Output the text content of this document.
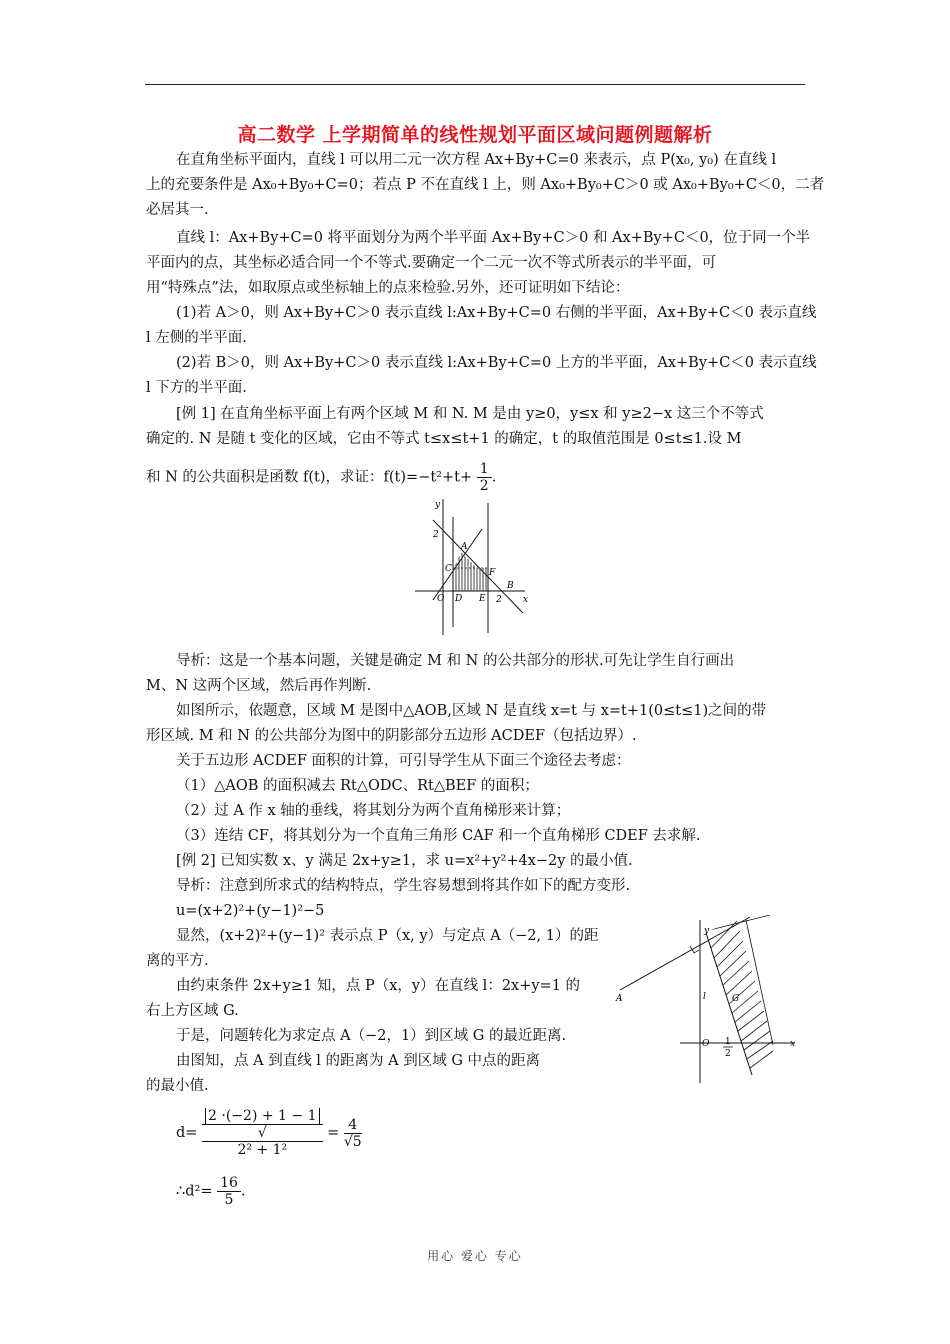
高二数学 上学期简单的线性规划平面区域问题例题解析
在直角坐标平面内，直线 l 可以用二元一次方程 Ax+By+C=0 来表示，点 P(x₀, y₀) 在直线 l
上的充要条件是 Ax₀+By₀+C=0；若点 P 不在直线 l 上，则 Ax₀+By₀+C＞0 或 Ax₀+By₀+C＜0，二者
必居其一.
直线 l：Ax+By+C=0 将平面划分为两个半平面 Ax+By+C＞0 和 Ax+By+C＜0，位于同一个半
平面内的点，其坐标必适合同一个不等式.要确定一个二元一次不等式所表示的半平面，可
用“特殊点”法，如取原点或坐标轴上的点来检验.另外，还可证明如下结论：
(1)若 A＞0，则 Ax+By+C＞0 表示直线 l:Ax+By+C=0 右侧的半平面，Ax+By+C＜0 表示直线
l 左侧的半平面.
(2)若 B＞0，则 Ax+By+C＞0 表示直线 l:Ax+By+C=0 上方的半平面，Ax+By+C＜0 表示直线
l 下方的半平面.
[例 1] 在直角坐标平面上有两个区域 M 和 N. M 是由 y≥0，y≤x 和 y≥2−x 这三个不等式
确定的. N 是随 t 变化的区域，它由不等式 t≤x≤t+1 的确定，t 的取值范围是 0≤t≤1.设 M
和 N 的公共面积是函数 f(t)，求证：$f(t)=-t^2+t+ \frac{1}{2}$ .
y
x
2
2
A
C	F
B
O D E
导析：这是一个基本问题，关键是确定 M 和 N 的公共部分的形状.可先让学生自行画出
M、N 这两个区域，然后再作判断.
如图所示，依题意，区域 M 是图中△AOB,区域 N 是直线 x=t 与 x=t+1(0≤t≤1)之间的带
形区域. M 和 N 的公共部分为图中的阴影部分五边形 ACDEF（包括边界）.
关于五边形 ACDEF 面积的计算，可引导学生从下面三个途径去考虑：
（1）△AOB 的面积减去 Rt△ODC、Rt△BEF 的面积；
（2）过 A 作 x 轴的垂线，将其划分为两个直角梯形来计算；
（3）连结 CF，将其划分为一个直角三角形 CAF 和一个直角梯形 CDEF 去求解.
[例 2] 已知实数 x、y 满足 2x+y≥1，求 u=x²+y²+4x−2y 的最小值.
导析：注意到所求式的结构特点，学生容易想到将其作如下的配方变形.
u=(x+2)²+(y−1)²−5
显然，(x+2)²+(y−1)² 表示点 P（x, y）与定点 A（−2, 1）的距
离的平方.
由约束条件 2x+y≥1 知，点 P（x，y）在直线 l：2x+y=1 的
右上方区域 G.
于是，问题转化为求定点 A（−2，1）到区域 G 的最近距离.
由图知，点 A 到直线 l 的距离为 A 到区域 G 中点的距离
的最小值.
y
x
A	l	G
O 1
2
d= 2 ·(−2) + 1 − 1
√
$2^2 + 1^2 = \frac{4}{√5}$
∴d²= $\frac{16}{5}$ .
用心 爱心 专心
